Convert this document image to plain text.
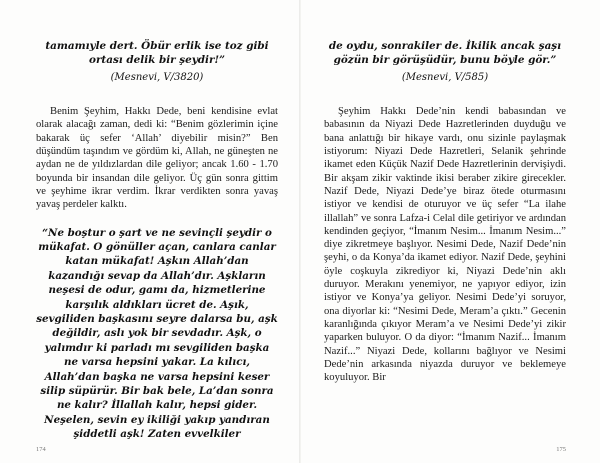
tamamıyle dert. Öbür erlik ise toz gibi ortası delik bir şeydir!”

(Mesnevi, V/3820)

Benim Şeyhim, Hakkı Dede, beni kendisine evlat olarak alacağı zaman, dedi ki: “Benim gözlerimin içine bakarak üç sefer ‘Allah’ diyebilir misin?” Ben düşündüm taşındım ve gördüm ki, Allah, ne güneşten ne aydan ne de yıldızlardan dile geliyor; ancak 1.60 - 1.70 boyunda bir insandan dile geliyor. Üç gün sonra gittim ve şeyhime ikrar verdim. İkrar verdikten sonra yavaş yavaş perdeler kalktı.

“Ne boştur o şart ve ne sevinçli şeydir o mükafat. O gönüller açan, canlara canlar katan mükafat! Aşkın Allah’dan kazandığı sevap da Allah’dır. Aşkların neşesi de odur, gamı da, hizmetlerine karşılık aldıkları ücret de. Aşık, sevgiliden başkasını seyre dalarsa bu, aşk değildir, aslı yok bir sevdadır. Aşk, o yalımdır ki parladı mı sevgiliden başka ne varsa hepsini yakar. La kılıcı, Allah’dan başka ne varsa hepsini keser silip süpürür. Bir bak bele, La’dan sonra ne kalır? İllallah kalır, hepsi gider. Neşelen, sevin ey ikiliği yakıp yandıran şiddetli aşk! Zaten evvelkiler

174

de oydu, sonrakiler de. İkilik ancak şaşı gözün bir görüşüdür, bunu böyle gör.”

(Mesnevi, V/585)

Şeyhim Hakkı Dede’nin kendi babasından ve babasının da Niyazi Dede Hazretlerinden duyduğu ve bana anlattığı bir hikaye vardı, onu sizinle paylaşmak istiyorum: Niyazi Dede Hazretleri, Selanik şehrinde ikamet eden Küçük Nazif Dede Hazretlerinin dervişiydi. Bir akşam zikir vaktinde ikisi beraber zikire girecekler. Nazif Dede, Niyazi Dede’ye biraz ötede oturmasını istiyor ve kendisi de oturuyor ve üç sefer “La ilahe illallah” ve sonra Lafza-i Celal dile getiriyor ve ardından kendinden geçiyor, “İmanım Nesim... İmanım Nesim...” diye zikretmeye başlıyor. Nesimi Dede, Nazif Dede’nin şeyhi, o da Konya’da ikamet ediyor. Nazif Dede, şeyhini öyle coşkuyla zikrediyor ki, Niyazi Dede’nin aklı duruyor. Merakını yenemiyor, ne yapıyor ediyor, izin istiyor ve Konya’ya geliyor. Nesimi Dede’yi soruyor, ona diyorlar ki: “Nesimi Dede, Meram’a çıktı.” Gecenin karanlığında çıkıyor Meram’a ve Nesimi Dede’yi zikir yaparken buluyor. O da diyor: “İmanım Nazif... İmanım Nazif...” Niyazi Dede, kollarını bağlıyor ve Nesimi Dede’nin arkasında niyazda duruyor ve beklemeye koyuluyor. Bir

175
